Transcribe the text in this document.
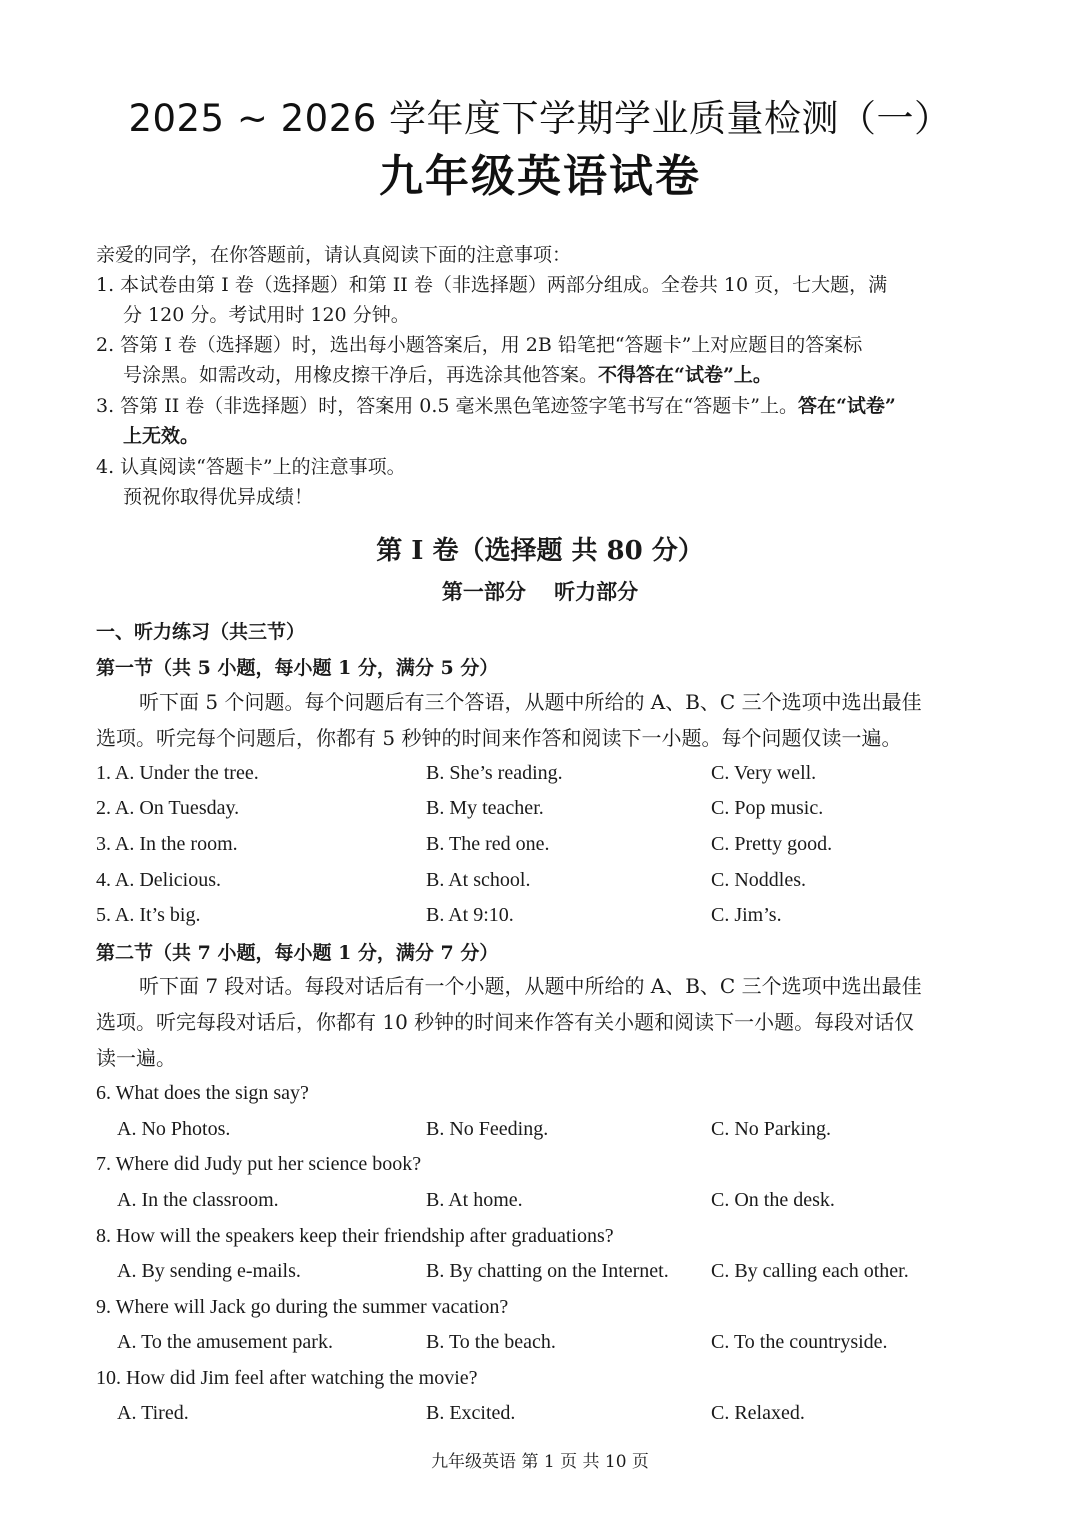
2025 ~ 2026 学年度下学期学业质量检测（一）
九年级英语试卷
亲爱的同学，在你答题前，请认真阅读下面的注意事项：
1. 本试卷由第 I 卷（选择题）和第 II 卷（非选择题）两部分组成。全卷共 10 页，七大题，满
分 120 分。考试用时 120 分钟。
2. 答第 I 卷（选择题）时，选出每小题答案后，用 2B 铅笔把“答题卡”上对应题目的答案标
号涂黑。如需改动，用橡皮擦干净后，再选涂其他答案。不得答在“试卷”上。
3. 答第 II 卷（非选择题）时，答案用 0.5 毫米黑色笔迹签字笔书写在“答题卡”上。答在“试卷”
上无效。
4. 认真阅读“答题卡”上的注意事项。
预祝你取得优异成绩！
第 I 卷（选择题 共 80 分）
第一部分　 听力部分
一、听力练习（共三节）
第一节（共 5 小题，每小题 1 分，满分 5 分）
听下面 5 个问题。每个问题后有三个答语，从题中所给的 A、B、C 三个选项中选出最佳
选项。听完每个问题后，你都有 5 秒钟的时间来作答和阅读下一小题。每个问题仅读一遍。
1. A. Under the tree.	B. She’s reading.	C. Very well.
2. A. On Tuesday.	B. My teacher.	C. Pop music.
3. A. In the room.	B. The red one.	C. Pretty good.
4. A. Delicious.	B. At school.	C. Noddles.
5. A. It’s big.	B. At 9:10.	C. Jim’s.
第二节（共 7 小题，每小题 1 分，满分 7 分）
听下面 7 段对话。每段对话后有一个小题，从题中所给的 A、B、C 三个选项中选出最佳
选项。听完每段对话后，你都有 10 秒钟的时间来作答有关小题和阅读下一小题。每段对话仅
读一遍。
6. What does the sign say?
A. No Photos.	B. No Feeding.	C. No Parking.
7. Where did Judy put her science book?
A. In the classroom.	B. At home.	C. On the desk.
8. How will the speakers keep their friendship after graduations?
A. By sending e-mails.	B. By chatting on the Internet. C. By calling each other.
9. Where will Jack go during the summer vacation?
A. To the amusement park.	B. To the beach.	C. To the countryside.
10. How did Jim feel after watching the movie?
A. Tired.	B. Excited.	C. Relaxed.
九年级英语 第 1 页 共 10 页
